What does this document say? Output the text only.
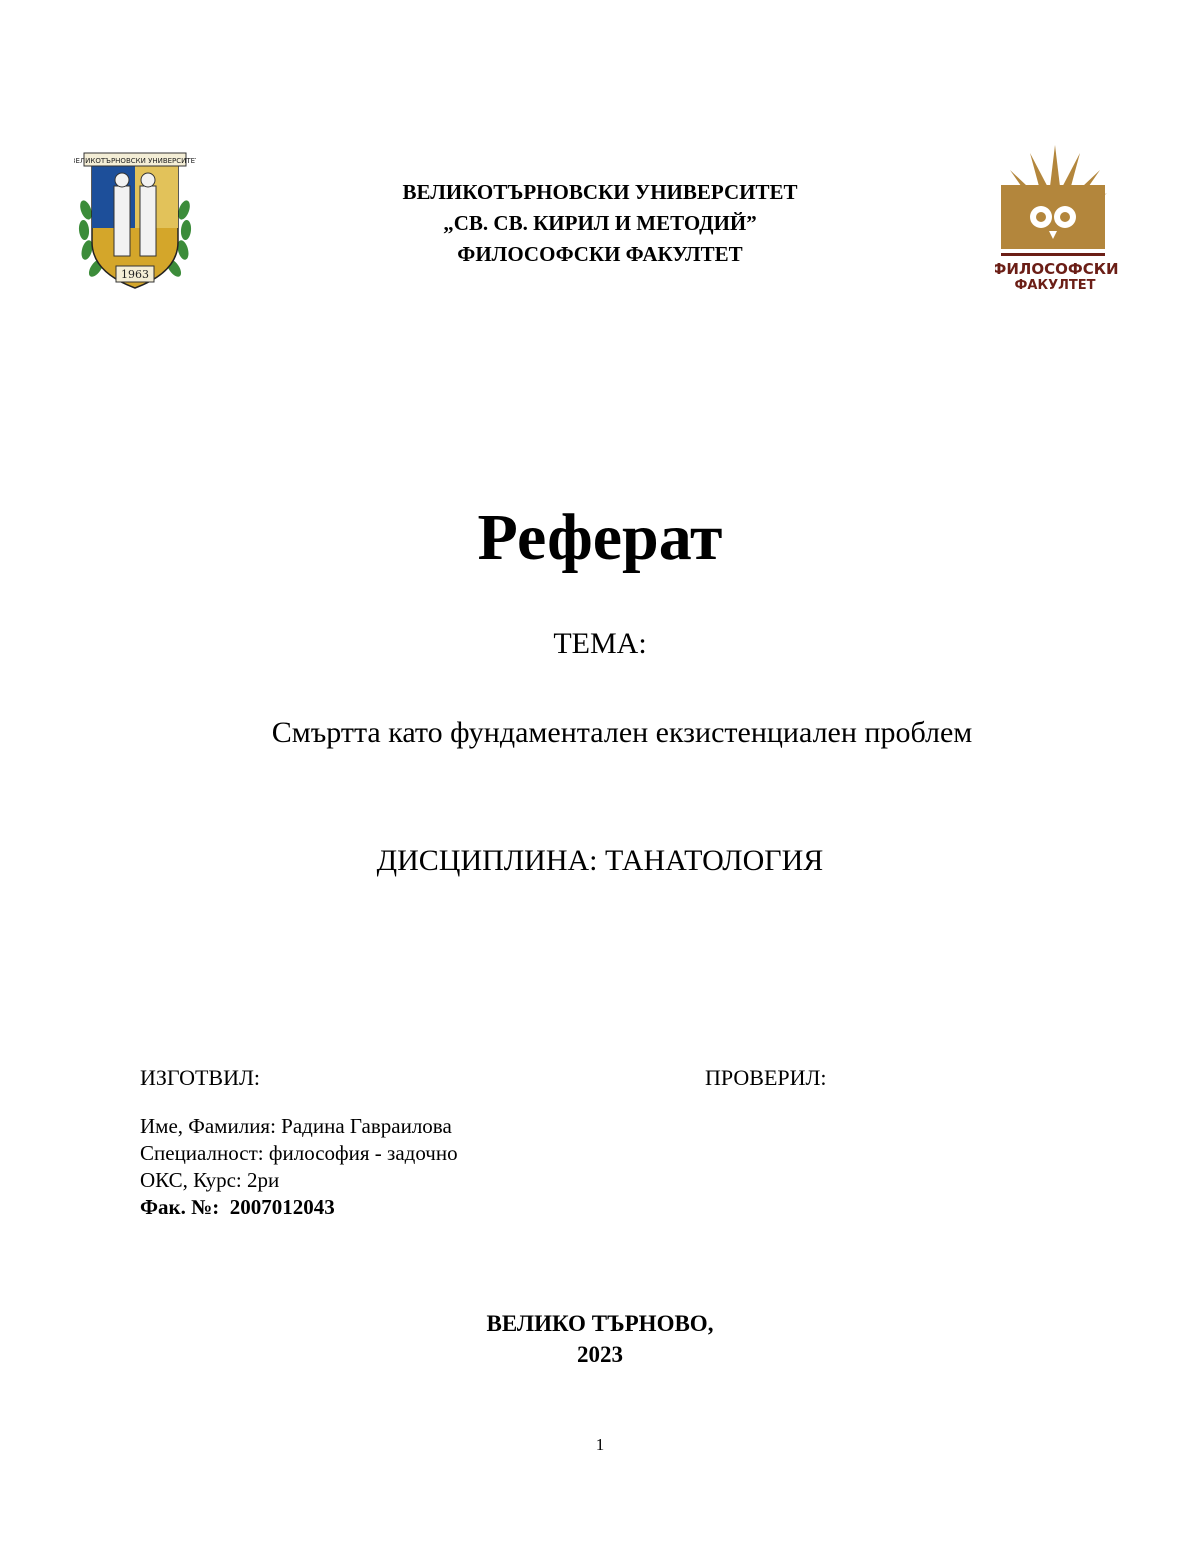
ВЕЛИКОТЪРНОВСКИ УНИВЕРСИТЕТ
1963	ФИЛОСОФСКИ
ФАКУЛТЕТ
ВЕЛИКОТЪРНОВСКИ УНИВЕРСИТЕТ
„СВ. СВ. КИРИЛ И МЕТОДИЙ”
ФИЛОСОФСКИ ФАКУЛТЕТ
Реферат
ТЕМА:
Смъртта като фундаментален екзистенциален проблем
ДИСЦИПЛИНА: ТАНАТОЛОГИЯ
ИЗГОТВИЛ:	ПРОВЕРИЛ:
Име, Фамилия: Радина Гавраилова
Специалност: философия - задочно
ОКС, Курс: 2ри
Фак. №: 2007012043
ВЕЛИКО ТЪРНОВО,
2023
1
